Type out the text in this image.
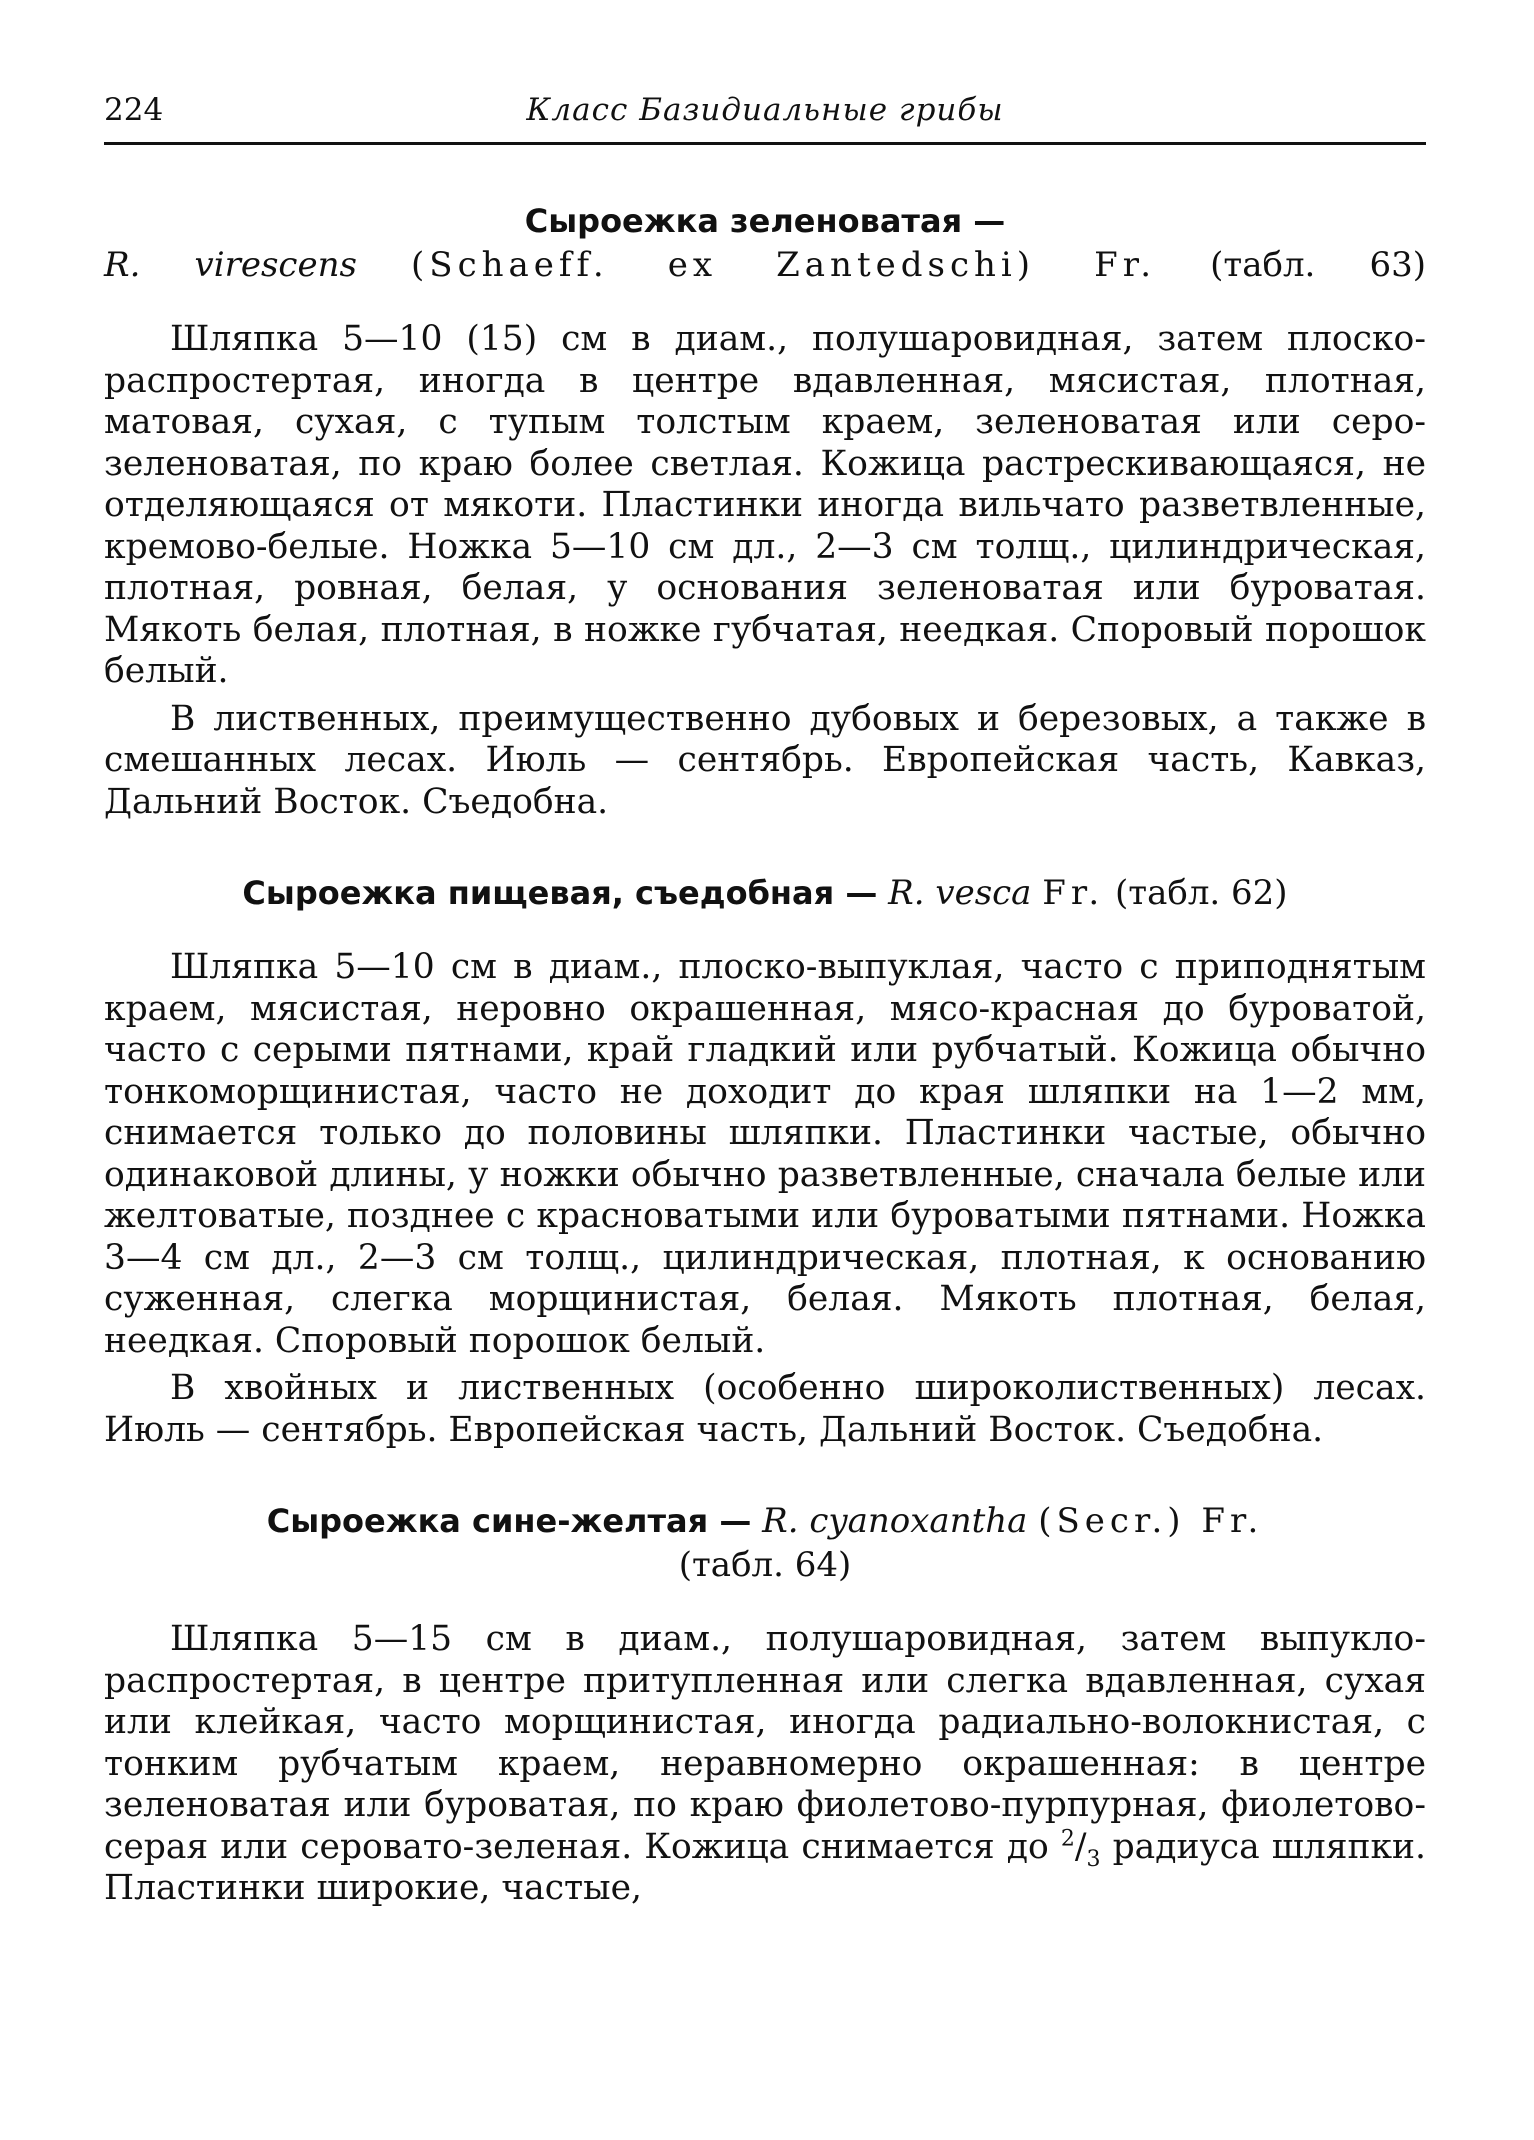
224	Класс Базидиальные грибы
Сыроежка зеленоватая —
R. virescens (Schaeff. ex Zantedschi) Fr. (табл. 63)

Шляпка 5—10 (15) см в диам., полушаровидная, затем плоскораспростертая, иногда в центре вдавленная, мясистая, плотная, матовая, сухая, с тупым толстым краем, зеленоватая или серо-зеленоватая, по краю более светлая. Кожица растрескивающаяся, не отделяющаяся от мякоти. Пластинки иногда вильчато разветвленные, кремово-белые. Ножка 5—10 см дл., 2—3 см толщ., цилиндрическая, плотная, ровная, белая, у основания зеленоватая или буроватая. Мякоть белая, плотная, в ножке губчатая, неедкая. Споровый порошок белый.

В лиственных, преимущественно дубовых и березовых, а также в смешанных лесах. Июль — сентябрь. Европейская часть, Кавказ, Дальний Восток. Съедобна.

Сыроежка пищевая, съедобная — R. vesca Fr. (табл. 62)

Шляпка 5—10 см в диам., плоско-выпуклая, часто с приподнятым краем, мясистая, неровно окрашенная, мясо-красная до буроватой, часто с серыми пятнами, край гладкий или рубчатый. Кожица обычно тонкоморщинистая, часто не доходит до края шляпки на 1—2 мм, снимается только до половины шляпки. Пластинки частые, обычно одинаковой длины, у ножки обычно разветвленные, сначала белые или желтоватые, позднее с красноватыми или буроватыми пятнами. Ножка 3—4 см дл., 2—3 см толщ., цилиндрическая, плотная, к основанию суженная, слегка морщинистая, белая. Мякоть плотная, белая, неедкая. Споровый порошок белый.

В хвойных и лиственных (особенно широколиственных) лесах. Июль — сентябрь. Европейская часть, Дальний Восток. Съедобна.

Сыроежка сине-желтая — R. cyanoxantha (Secr.) Fr.
(табл. 64)

Шляпка 5—15 см в диам., полушаровидная, затем выпуклораспростертая, в центре притупленная или слегка вдавленная, сухая или клейкая, часто морщинистая, иногда радиально-волокнистая, с тонким рубчатым краем, неравномерно окрашенная: в центре зеленоватая или буроватая, по краю фиолетово-пурпурная, фиолетово-серая или серовато-зеленая. Кожица снимается до $^2/_3$ радиуса шляпки. Пластинки широкие, частые,
